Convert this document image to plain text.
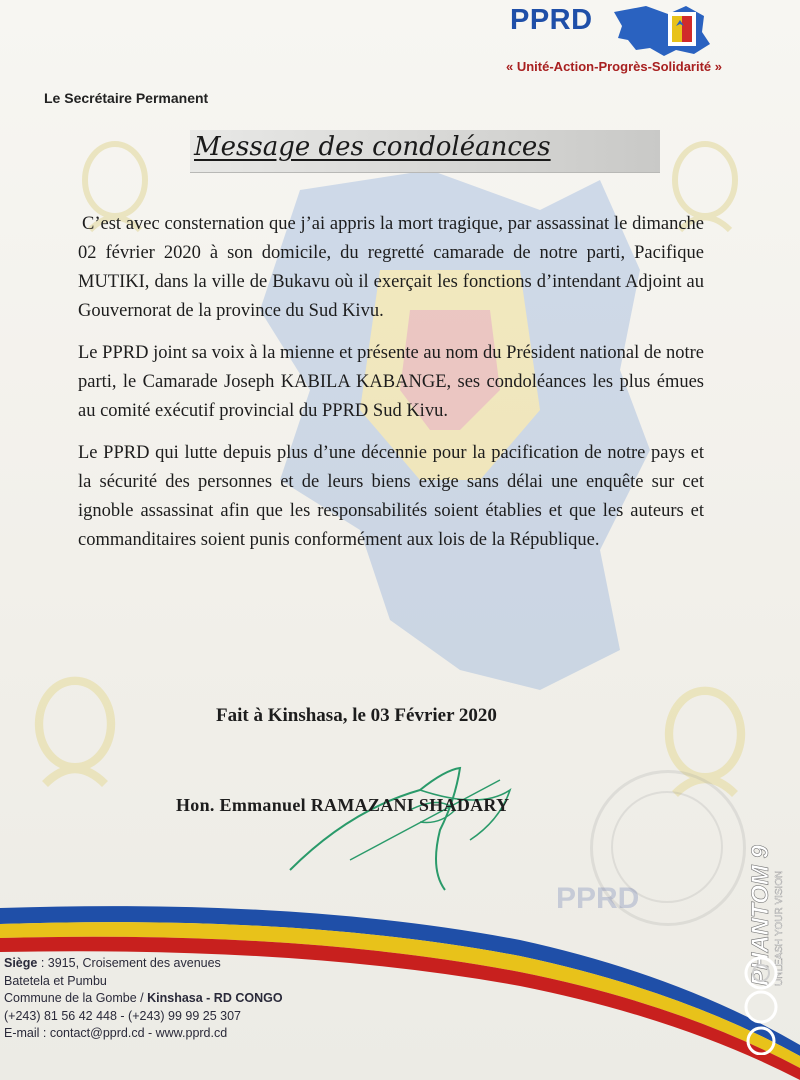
PPRD
« Unité-Action-Progrès-Solidarité »
Le Secrétaire Permanent
Message des condoléances

C’est avec consternation que j’ai appris la mort tragique, par assassinat le dimanche 02 février 2020 à son domicile, du regretté camarade de notre parti, Pacifique MUTIKI, dans la ville de Bukavu où il exerçait les fonctions d’intendant Adjoint au Gouvernorat de la province du Sud Kivu.

Le PPRD joint sa voix à la mienne et présente au nom du Président national de notre parti, le Camarade Joseph KABILA KABANGE, ses condoléances les plus émues au comité exécutif provincial du PPRD Sud Kivu.

Le PPRD qui lutte depuis plus d’une décennie pour la pacification de notre pays et la sécurité des personnes et de leurs biens exige sans délai une enquête sur cet ignoble assassinat afin que les responsabilités soient établies et que les auteurs et commanditaires soient punis conformément aux lois de la République.

Fait à Kinshasa, le 03 Février 2020
Hon. Emmanuel RAMAZANI SHADARY
PPRD
Siège : 3915, Croisement des avenues
Batetela et Pumbu
Commune de la Gombe / Kinshasa - RD CONGO
(+243) 81 56 42 448 - (+243) 99 99 25 307
E-mail : contact@pprd.cd - www.pprd.cd
PHANTOM 9 UNLEASH YOUR VISION
